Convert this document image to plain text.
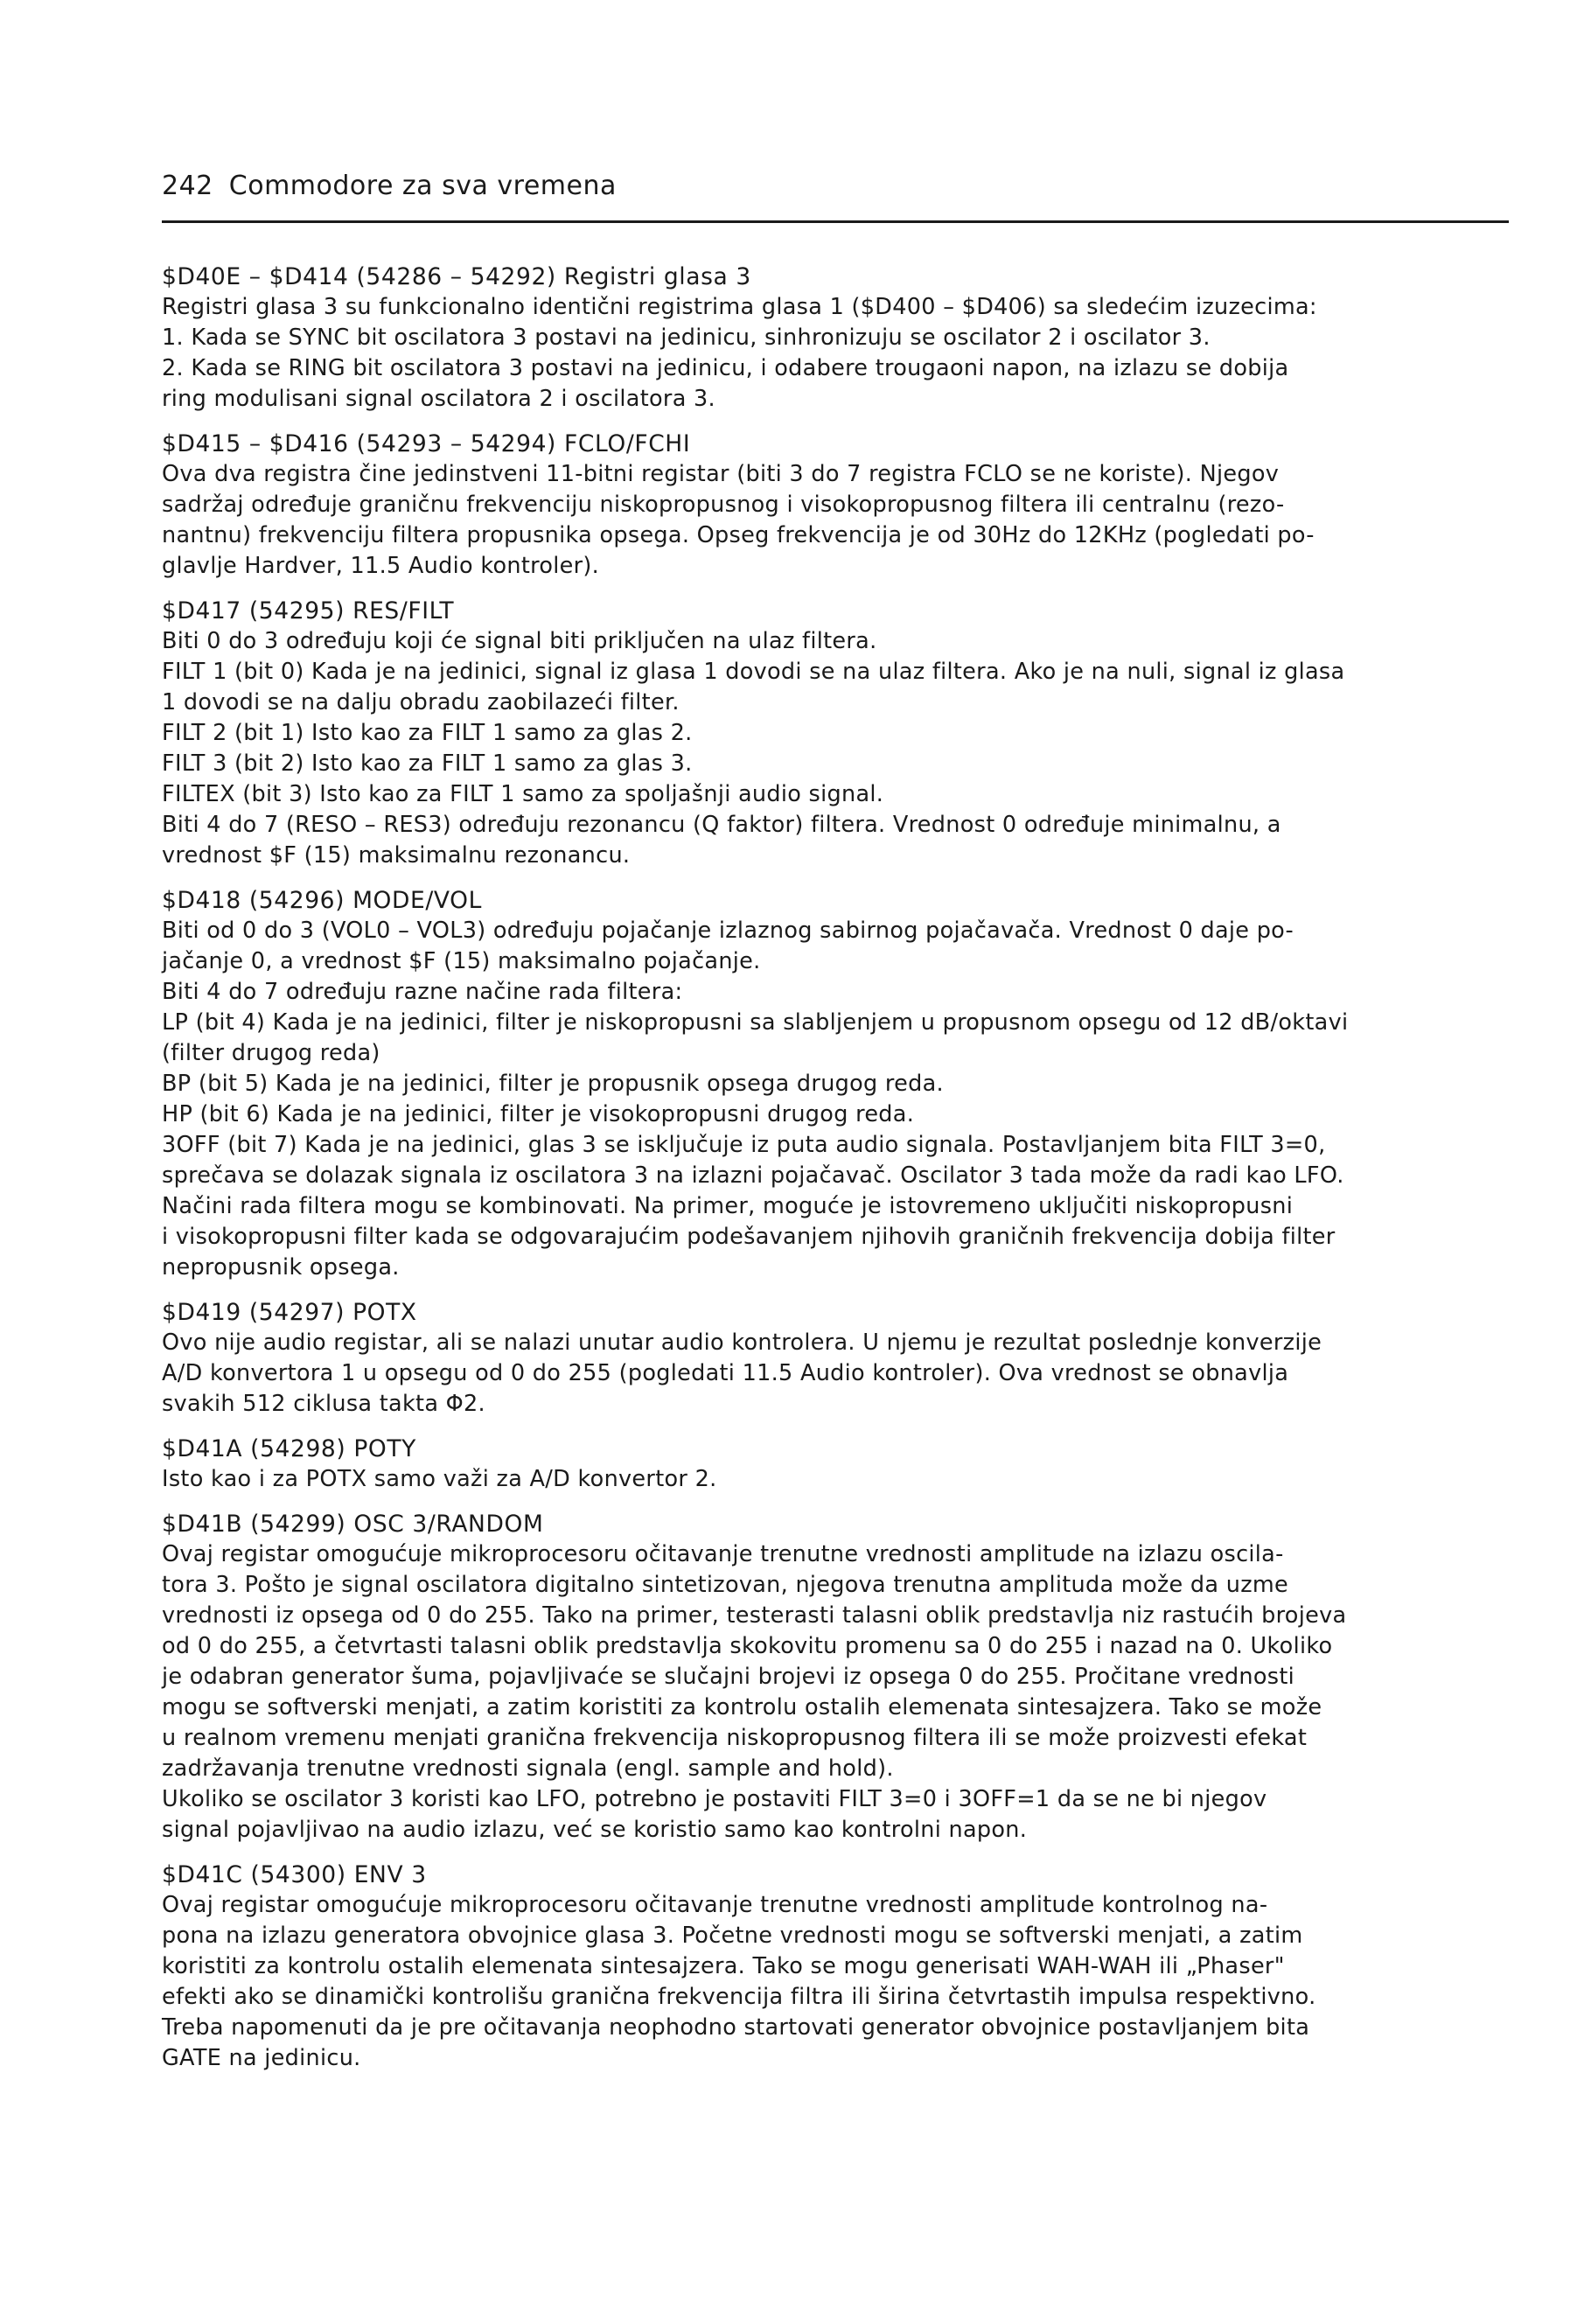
242 Commodore za sva vremena
$D40E – $D414 (54286 – 54292) Registri glasa 3
Registri glasa 3 su funkcionalno identični registrima glasa 1 ($D400 – $D406) sa sledećim izuzecima:
1. Kada se SYNC bit oscilatora 3 postavi na jedinicu, sinhronizuju se oscilator 2 i oscilator 3.
2. Kada se RING bit oscilatora 3 postavi na jedinicu, i odabere trougaoni napon, na izlazu se dobija
ring modulisani signal oscilatora 2 i oscilatora 3.
$D415 – $D416 (54293 – 54294) FCLO/FCHI
Ova dva registra čine jedinstveni 11-bitni registar (biti 3 do 7 registra FCLO se ne koriste). Njegov
sadržaj određuje graničnu frekvenciju niskopropusnog i visokopropusnog filtera ili centralnu (rezo-
nantnu) frekvenciju filtera propusnika opsega. Opseg frekvencija je od 30Hz do 12KHz (pogledati po-
glavlje Hardver, 11.5 Audio kontroler).
$D417 (54295) RES/FILT
Biti 0 do 3 određuju koji će signal biti priključen na ulaz filtera.
FILT 1 (bit 0) Kada je na jedinici, signal iz glasa 1 dovodi se na ulaz filtera. Ako je na nuli, signal iz glasa
1 dovodi se na dalju obradu zaobilazeći filter.
FILT 2 (bit 1) Isto kao za FILT 1 samo za glas 2.
FILT 3 (bit 2) Isto kao za FILT 1 samo za glas 3.
FILTEX (bit 3) Isto kao za FILT 1 samo za spoljašnji audio signal.
Biti 4 do 7 (RESO – RES3) određuju rezonancu (Q faktor) filtera. Vrednost 0 određuje minimalnu, a
vrednost $F (15) maksimalnu rezonancu.
$D418 (54296) MODE/VOL
Biti od 0 do 3 (VOL0 – VOL3) određuju pojačanje izlaznog sabirnog pojačavača. Vrednost 0 daje po-
jačanje 0, a vrednost $F (15) maksimalno pojačanje.
Biti 4 do 7 određuju razne načine rada filtera:
LP (bit 4) Kada je na jedinici, filter je niskopropusni sa slabljenjem u propusnom opsegu od 12 dB/oktavi
(filter drugog reda)
BP (bit 5) Kada je na jedinici, filter je propusnik opsega drugog reda.
HP (bit 6) Kada je na jedinici, filter je visokopropusni drugog reda.
3OFF (bit 7) Kada je na jedinici, glas 3 se isključuje iz puta audio signala. Postavljanjem bita FILT 3=0,
sprečava se dolazak signala iz oscilatora 3 na izlazni pojačavač. Oscilator 3 tada može da radi kao LFO.
Načini rada filtera mogu se kombinovati. Na primer, moguće je istovremeno uključiti niskopropusni
i visokopropusni filter kada se odgovarajućim podešavanjem njihovih graničnih frekvencija dobija filter
nepropusnik opsega.
$D419 (54297) POTX
Ovo nije audio registar, ali se nalazi unutar audio kontrolera. U njemu je rezultat poslednje konverzije
A/D konvertora 1 u opsegu od 0 do 255 (pogledati 11.5 Audio kontroler). Ova vrednost se obnavlja
svakih 512 ciklusa takta Φ2.
$D41A (54298) POTY
Isto kao i za POTX samo važi za A/D konvertor 2.
$D41B (54299) OSC 3/RANDOM
Ovaj registar omogućuje mikroprocesoru očitavanje trenutne vrednosti amplitude na izlazu oscila-
tora 3. Pošto je signal oscilatora digitalno sintetizovan, njegova trenutna amplituda može da uzme
vrednosti iz opsega od 0 do 255. Tako na primer, testerasti talasni oblik predstavlja niz rastućih brojeva
od 0 do 255, a četvrtasti talasni oblik predstavlja skokovitu promenu sa 0 do 255 i nazad na 0. Ukoliko
je odabran generator šuma, pojavljivaće se slučajni brojevi iz opsega 0 do 255. Pročitane vrednosti
mogu se softverski menjati, a zatim koristiti za kontrolu ostalih elemenata sintesajzera. Tako se može
u realnom vremenu menjati granična frekvencija niskopropusnog filtera ili se može proizvesti efekat
zadržavanja trenutne vrednosti signala (engl. sample and hold).
Ukoliko se oscilator 3 koristi kao LFO, potrebno je postaviti FILT 3=0 i 3OFF=1 da se ne bi njegov
signal pojavljivao na audio izlazu, već se koristio samo kao kontrolni napon.
$D41C (54300) ENV 3
Ovaj registar omogućuje mikroprocesoru očitavanje trenutne vrednosti amplitude kontrolnog na-
pona na izlazu generatora obvojnice glasa 3. Početne vrednosti mogu se softverski menjati, a zatim
koristiti za kontrolu ostalih elemenata sintesajzera. Tako se mogu generisati WAH-WAH ili „Phaser"
efekti ako se dinamički kontrolišu granična frekvencija filtra ili širina četvrtastih impulsa respektivno.
Treba napomenuti da je pre očitavanja neophodno startovati generator obvojnice postavljanjem bita
GATE na jedinicu.
